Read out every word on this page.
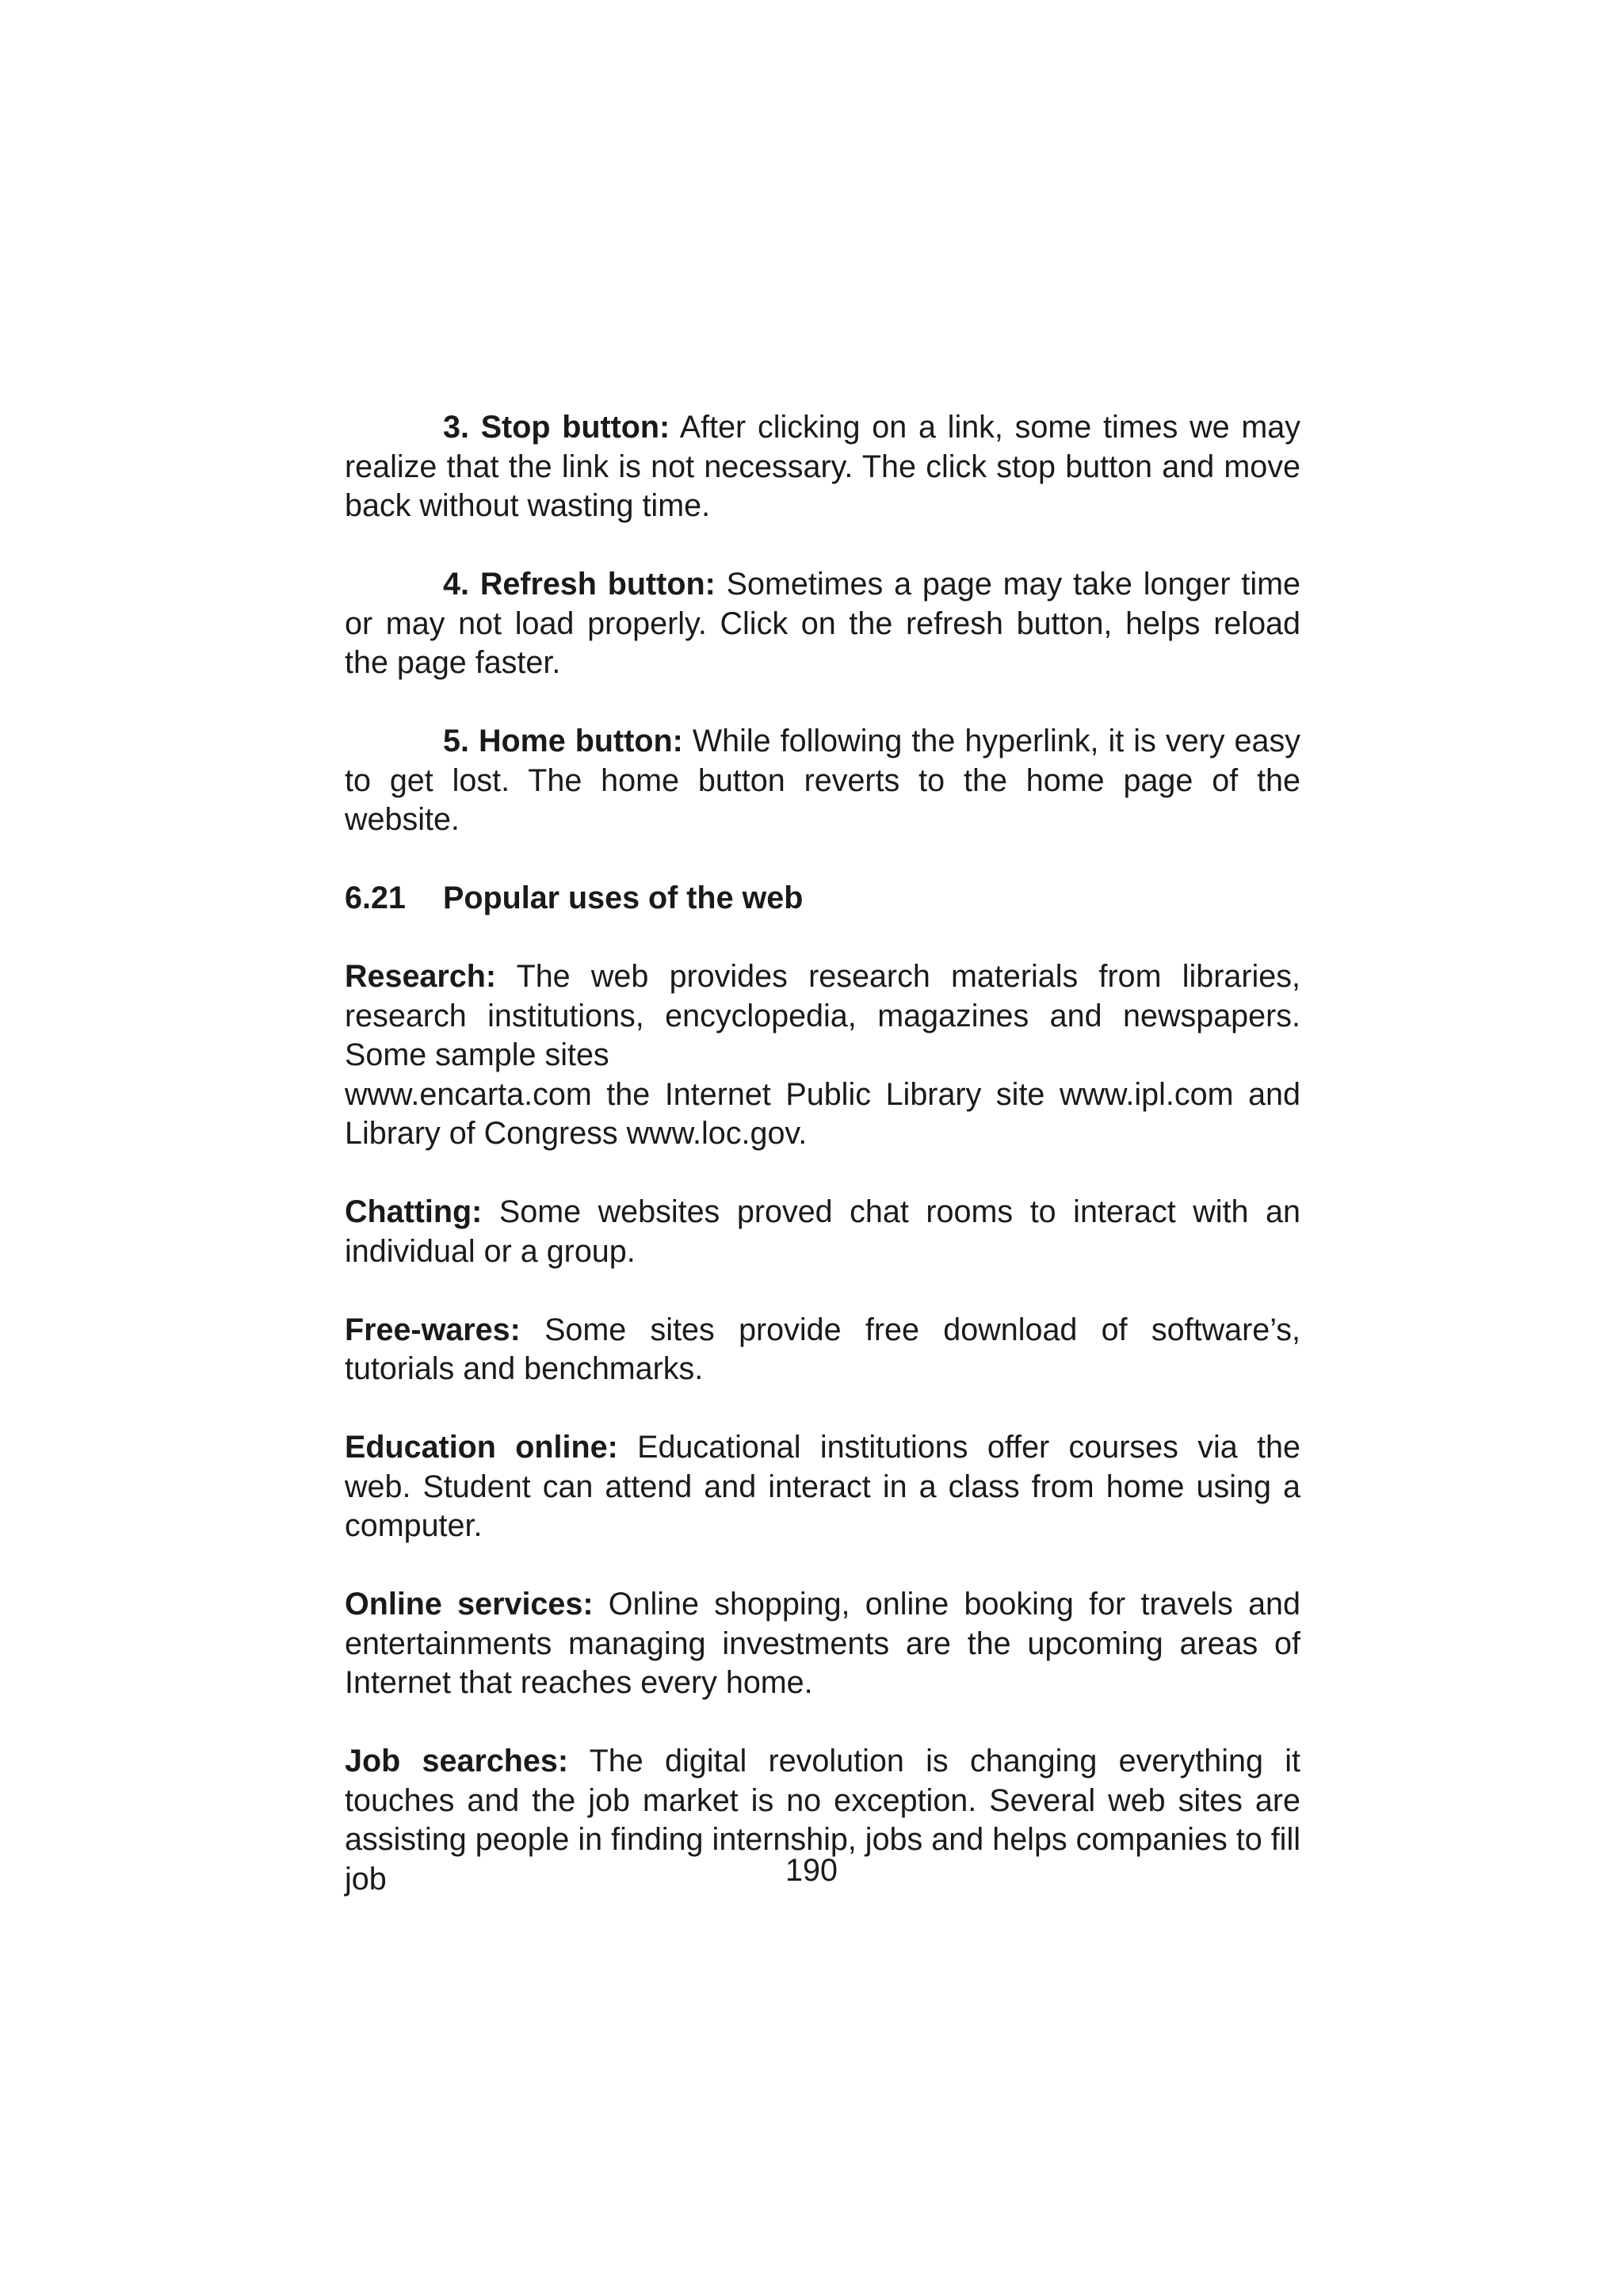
3. Stop button: After clicking on a link, some times we may realize that the link is not necessary. The click stop button and move back without wasting time.

4. Refresh button: Sometimes a page may take longer time or may not load properly. Click on the refresh button, helps reload the page faster.

5. Home button: While following the hyperlink, it is very easy to get lost. The home button reverts to the home page of the website.

6.21 Popular uses of the web

Research: The web provides research materials from libraries, research institutions, encyclopedia, magazines and newspapers. Some sample sites
www.encarta.com the Internet Public Library site www.ipl.com and Library of Congress www.loc.gov.

Chatting: Some websites proved chat rooms to interact with an individual or a group.

Free-wares: Some sites provide free download of software’s, tutorials and benchmarks.

Education online: Educational institutions offer courses via the web. Student can attend and interact in a class from home using a computer.

Online services: Online shopping, online booking for travels and entertainments managing investments are the upcoming areas of Internet that reaches every home.

Job searches: The digital revolution is changing everything it touches and the job market is no exception. Several web sites are assisting people in finding internship, jobs and helps companies to fill job	190
